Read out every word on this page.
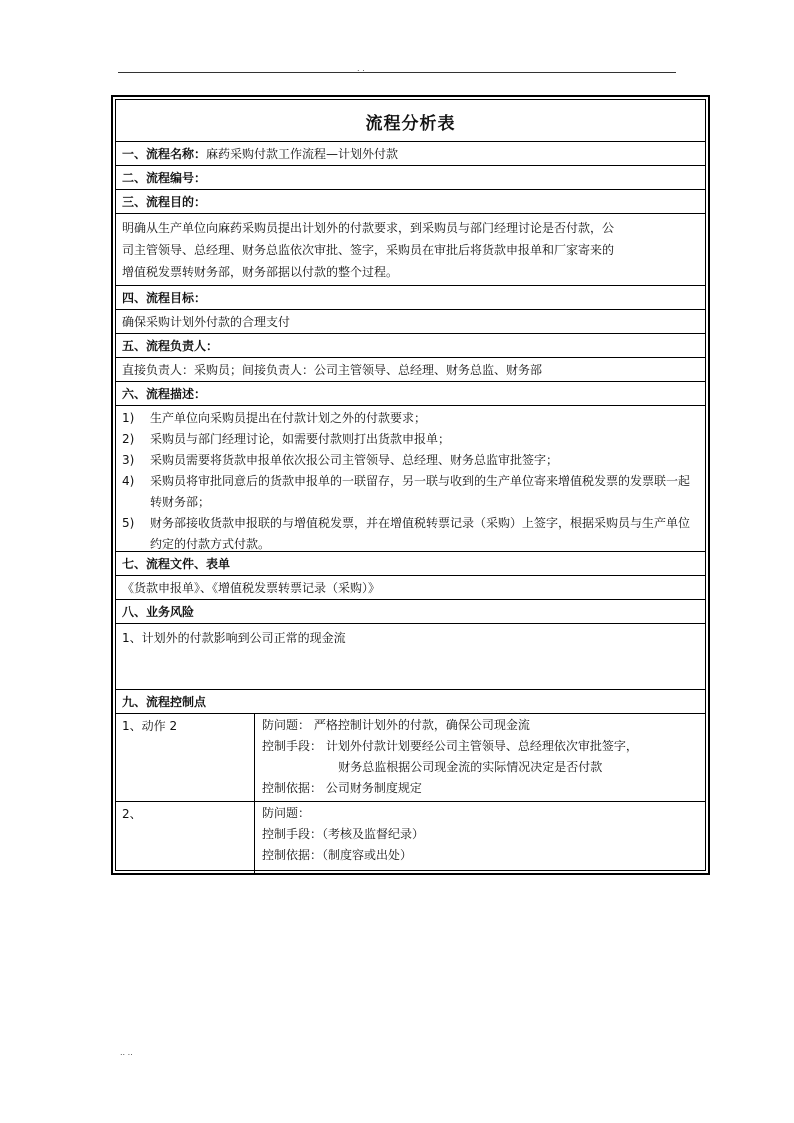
. .
流程分析表
一、流程名称：麻药采购付款工作流程—计划外付款
二、流程编号：
三、流程目的：
明确从生产单位向麻药采购员提出计划外的付款要求，到采购员与部门经理讨论是否付款，公
司主管领导、总经理、财务总监依次审批、签字，采购员在审批后将货款申报单和厂家寄来的
增值税发票转财务部，财务部据以付款的整个过程。
四、流程目标：
确保采购计划外付款的合理支付
五、流程负责人：
直接负责人：采购员；间接负责人：公司主管领导、总经理、财务总监、财务部
六、流程描述：
1)	生产单位向采购员提出在付款计划之外的付款要求；
2)	采购员与部门经理讨论，如需要付款则打出货款申报单；
3)	采购员需要将货款申报单依次报公司主管领导、总经理、财务总监审批签字；
4)	采购员将审批同意后的货款申报单的一联留存，另一联与收到的生产单位寄来增值税发票的发票联一起转财务部；
5)	财务部接收货款申报联的与增值税发票，并在增值税转票记录（采购）上签字，根据采购员与生产单位约定的付款方式付款。
七、流程文件、表单
《货款申报单》、《增值税发票转票记录（采购）》
八、业务风险
1、计划外的付款影响到公司正常的现金流
九、流程控制点
1、动作 2	防问题： 严格控制计划外的付款，确保公司现金流
控制手段： 计划外付款计划要经公司主管领导、总经理依次审批签字，
财务总监根据公司现金流的实际情况决定是否付款
控制依据： 公司财务制度规定
2、	防问题：
控制手段：（考核及监督纪录）
控制依据：（制度容或出处）
.. ..
